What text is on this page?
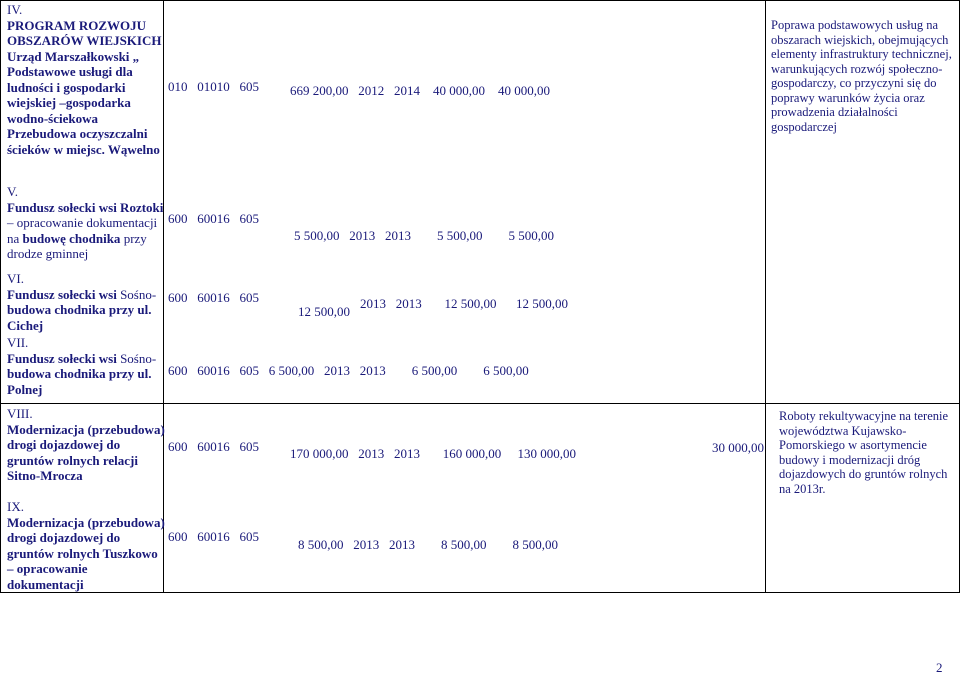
IV.
PROGRAM ROZWOJU OBSZARÓW WIEJSKICH Urząd Marszałkowski „ Podstawowe usługi dla ludności i gospodarki wiejskiej –gospodarka wodno-ściekowa Przebudowa oczyszczalni ścieków w miejsc. Wąwelno
V.
Fundusz sołecki wsi Roztoki – opracowanie dokumentacji na budowę chodnika przy drodze gminnej
VI.
Fundusz sołecki wsi Sośno- budowa chodnika przy ul. Cichej
VII.
Fundusz sołecki wsi Sośno- budowa chodnika przy ul. Polnej
010 01010 605 669 200,00 2012 2014 40 000,00 40 000,00
600 60016 605
5 500,00 2013 2013 5 500,00 5 500,00
600 60016 605
12 500,00
2013 2013 12 500,00 12 500,00
600 60016 605 6 500,00 2013 2013 6 500,00 6 500,00
Poprawa podstawowych usług na obszarach wiejskich, obejmujących elementy infrastruktury technicznej, warunkujących rozwój społeczno-gospodarczy, co przyczyni się do poprawy warunków życia oraz prowadzenia działalności gospodarczej
VIII.
Modernizacja (przebudowa) drogi dojazdowej do gruntów rolnych relacji Sitno-Mrocza
IX.
Modernizacja (przebudowa) drogi dojazdowej do gruntów rolnych Tuszkowo – opracowanie dokumentacji
600 60016 605 170 000,00 2013 2013 160 000,00 130 000,00	30 000,00
600 60016 605
8 500,00 2013 2013 8 500,00 8 500,00
Roboty rekultywacyjne na terenie województwa Kujawsko-Pomorskiego w asortymencie budowy i modernizacji dróg dojazdowych do gruntów rolnych na 2013r.
2
